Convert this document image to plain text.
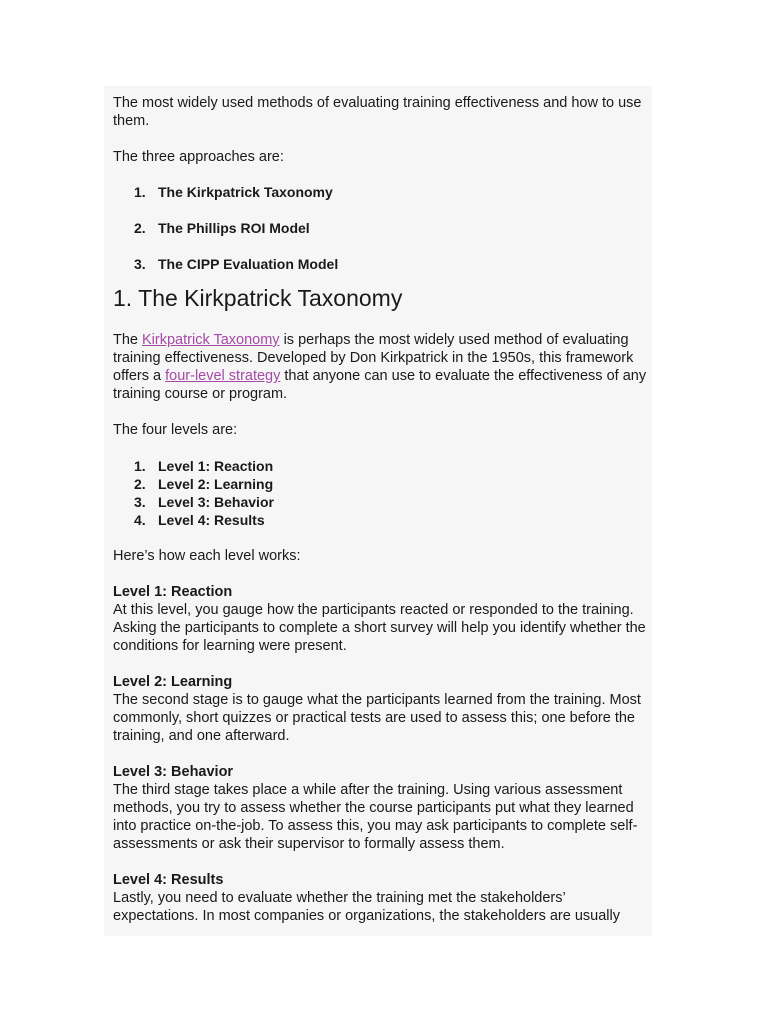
The most widely used methods of evaluating training effectiveness and how to use them.

The three approaches are:

1. The Kirkpatrick Taxonomy
2. The Phillips ROI Model
3. The CIPP Evaluation Model
1. The Kirkpatrick Taxonomy

The Kirkpatrick Taxonomy is perhaps the most widely used method of evaluating training effectiveness. Developed by Don Kirkpatrick in the 1950s, this framework offers a four-level strategy that anyone can use to evaluate the effectiveness of any training course or program.

The four levels are:

1. Level 1: Reaction
2. Level 2: Learning
3. Level 3: Behavior
4. Level 4: Results

Here’s how each level works:

Level 1: Reaction

At this level, you gauge how the participants reacted or responded to the training. Asking the participants to complete a short survey will help you identify whether the conditions for learning were present.

Level 2: Learning

The second stage is to gauge what the participants learned from the training. Most commonly, short quizzes or practical tests are used to assess this; one before the training, and one afterward.

Level 3: Behavior

The third stage takes place a while after the training. Using various assessment methods, you try to assess whether the course participants put what they learned into practice on-the-job. To assess this, you may ask participants to complete self-assessments or ask their supervisor to formally assess them.

Level 4: Results

Lastly, you need to evaluate whether the training met the stakeholders’ expectations. In most companies or organizations, the stakeholders are usually
